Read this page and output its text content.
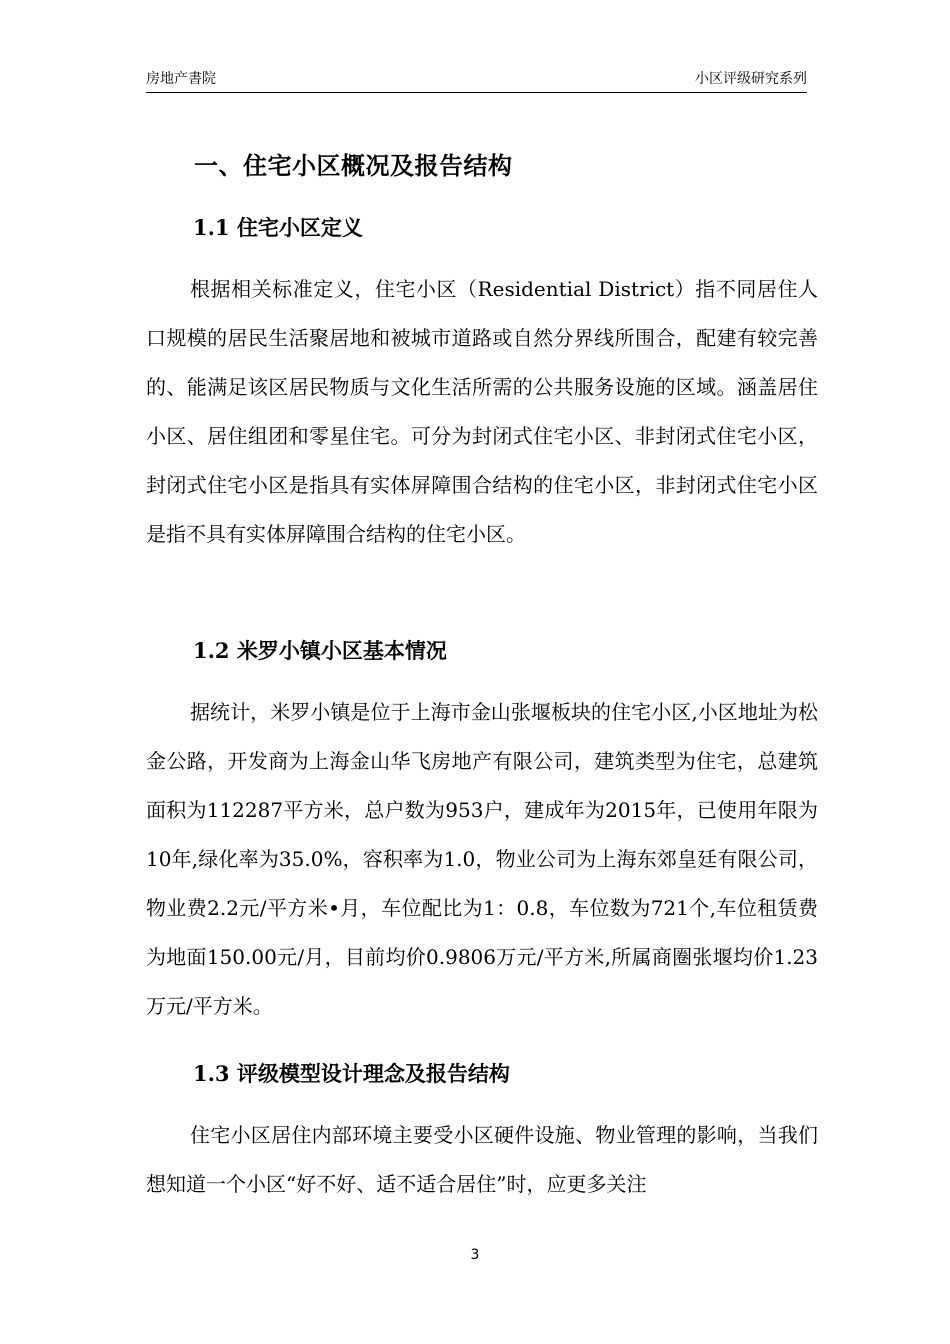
房地产書院	小区评级研究系列
一、住宅小区概况及报告结构
1.1 住宅小区定义

根据相关标准定义，住宅小区（Residential District）指不同居住人口规模的居民生活聚居地和被城市道路或自然分界线所围合，配建有较完善的、能满足该区居民物质与文化生活所需的公共服务设施的区域。涵盖居住小区、居住组团和零星住宅。可分为封闭式住宅小区、非封闭式住宅小区，封闭式住宅小区是指具有实体屏障围合结构的住宅小区，非封闭式住宅小区是指不具有实体屏障围合结构的住宅小区。

1.2 米罗小镇小区基本情况

据统计，米罗小镇是位于上海市金山张堰板块的住宅小区,小区地址为松金公路，开发商为上海金山华飞房地产有限公司，建筑类型为住宅，总建筑面积为112287平方米，总户数为953户，建成年为2015年，已使用年限为10年,绿化率为35.0%，容积率为1.0，物业公司为上海东郊皇廷有限公司，物业费2.2元/平方米•月，车位配比为1：0.8，车位数为721个,车位租赁费为地面150.00元/月，目前均价0.9806万元/平方米,所属商圈张堰均价1.23万元/平方米。

1.3 评级模型设计理念及报告结构

住宅小区居住内部环境主要受小区硬件设施、物业管理的影响，当我们想知道一个小区“好不好、适不适合居住”时，应更多关注

3
